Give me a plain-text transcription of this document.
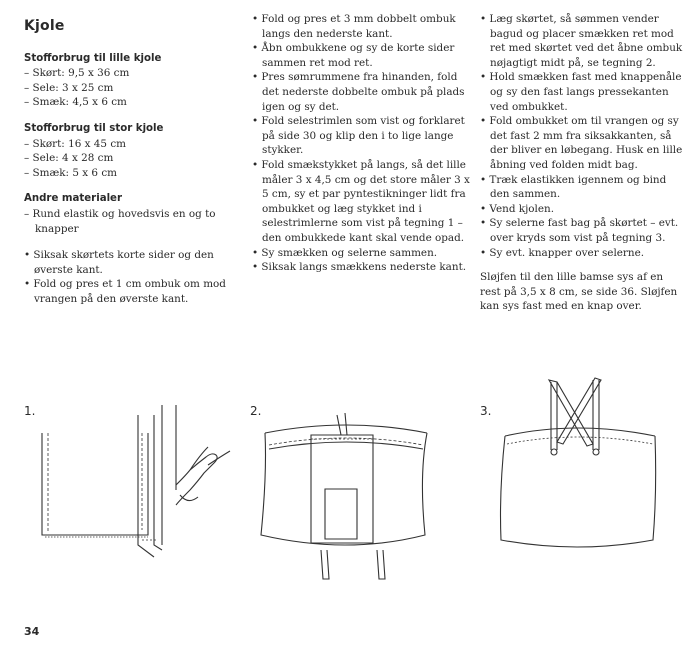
Kjole
Stofforbrug til lille kjole
– Skørt: 9,5 x 36 cm
– Sele: 3 x 25 cm
– Smæk: 4,5 x 6 cm
Stofforbrug til stor kjole
– Skørt: 16 x 45 cm
– Sele: 4 x 28 cm
– Smæk: 5 x 6 cm
Andre materialer
– Rund elastik og hovedsvis en og to knapper

• Siksak skørtets korte sider og den øverste kant.

• Fold og pres et 1 cm ombuk om mod vrangen på den øverste kant.

• Fold og pres et 3 mm dobbelt ombuk langs den nederste kant.

• Åbn ombukkene og sy de korte sider sammen ret mod ret.

• Pres sømrummene fra hinanden, fold det nederste dobbelte ombuk på plads igen og sy det.

• Fold selestrimlen som vist og forklaret på side 30 og klip den i to lige lange stykker.

• Fold smækstykket på langs, så det lille måler 3 x 4,5 cm og det store måler 3 x 5 cm, sy et par pyntestikninger lidt fra ombukket og læg stykket ind i selestrimlerne som vist på tegning 1 – den ombukkede kant skal vende opad.

• Sy smækken og selerne sammen.

• Siksak langs smækkens nederste kant.

• Læg skørtet, så sømmen vender bagud og placer smækken ret mod ret med skørtet ved det åbne ombuk nøjagtigt midt på, se tegning 2.

• Hold smækken fast med knappenåle og sy den fast langs pressekanten ved ombukket.

• Fold ombukket om til vrangen og sy det fast 2 mm fra siksakkanten, så der bliver en løbegang. Husk en lille åbning ved folden midt bag.

• Træk elastikken igennem og bind den sammen.

• Vend kjolen.

• Sy selerne fast bag på skørtet – evt. over kryds som vist på tegning 3.

• Sy evt. knapper over selerne.

Sløjfen til den lille bamse sys af en rest på 3,5 x 8 cm, se side 36. Sløjfen kan sys fast med en knap over.

1.	2.	3.
34
